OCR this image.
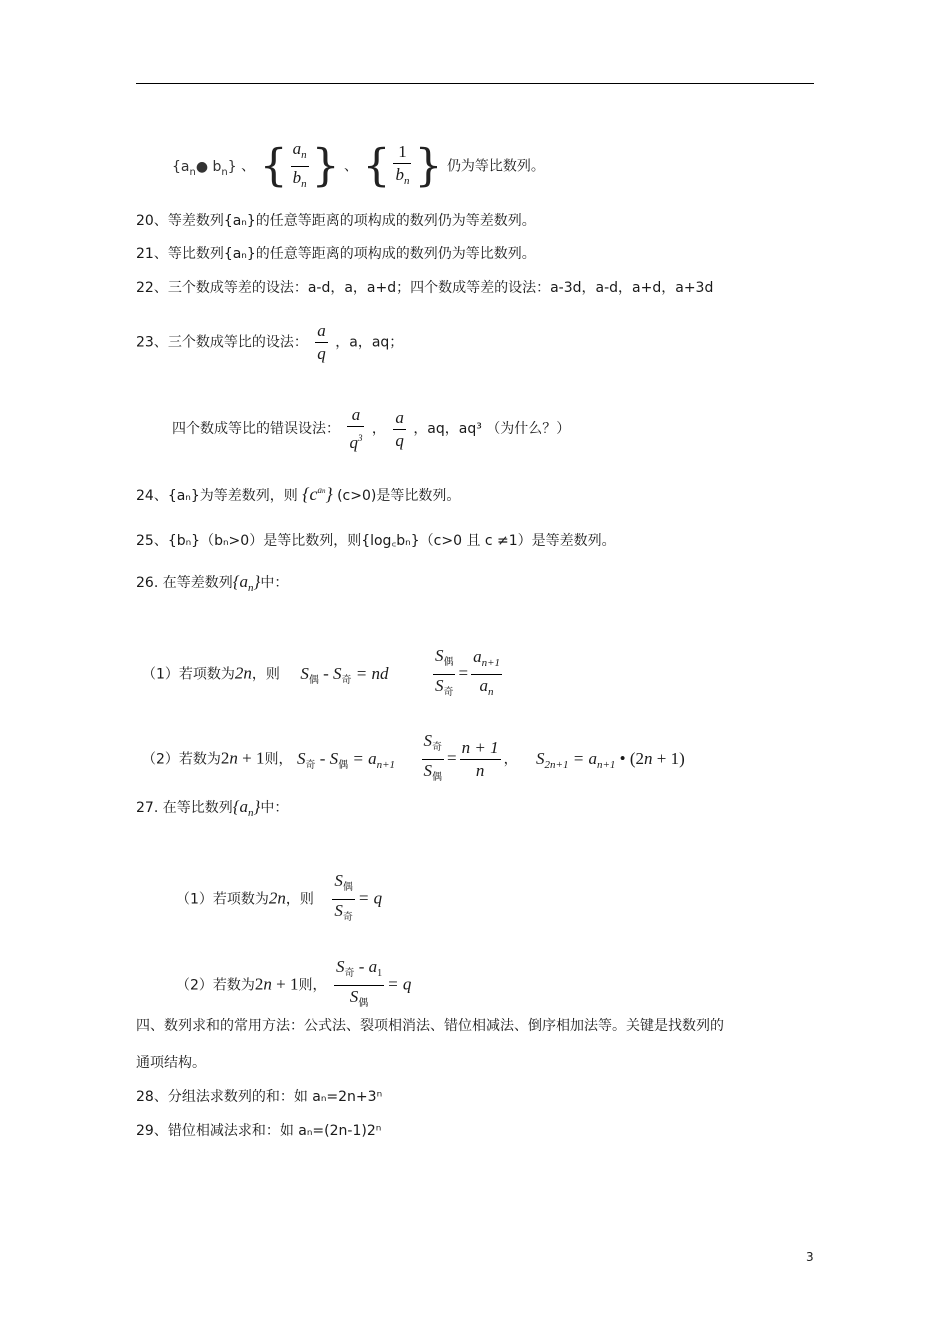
{$a_n●$ $b_n$} 、 { $\frac{a_n}{b_n}$ } 、 { $\frac{1}{b_n}$ } 仍为等比数列。
20、等差数列{aₙ}的任意等距离的项构成的数列仍为等差数列。
21、等比数列{aₙ}的任意等距离的项构成的数列仍为等比数列。
22、三个数成等差的设法：a-d，a，a+d；四个数成等差的设法：a-3d，a-d，a+d，a+3d
23、三个数成等比的设法： $\frac{a}{q}$ ，a，aq；
四个数成等比的错误设法： $\frac{a}{q^3}$ ， $\frac{a}{q}$ ，aq，aq³ （为什么？）
24、{aₙ}为等差数列，则 $\{c^{an}\}$ (c>0)是等比数列。
25、{bₙ}（bₙ>0）是等比数列，则{log꜀bₙ}（c>0 且 c ≠1）是等差数列。
26. 在等差数列$\{a_n\}$中：
（1）若项数为2n，则 $S_偶 - S_奇$ = nd	$\frac{S_偶}{S_奇} = \frac{a_{n+1}}{a_n}$
（2）若数为2n + 1则， $S_奇 - S_偶 = a_{n+1} \frac{S_奇}{S_偶} = \frac{n + 1}{n}$ ， $S_{2n+1} = a_{n+1}$ • (2n + 1)
27. 在等比数列$\{a_n\}$中：
（1）若项数为2n，则 $\frac{S_偶}{S_奇} = q$
（2）若数为2n + 1则， $\frac{S_奇 - a_1}{S_偶} = q$
四、数列求和的常用方法：公式法、裂项相消法、错位相减法、倒序相加法等。关键是找数列的
通项结构。
28、分组法求数列的和：如 aₙ=2n+3ⁿ
29、错位相减法求和：如 aₙ=(2n-1)2ⁿ
3
